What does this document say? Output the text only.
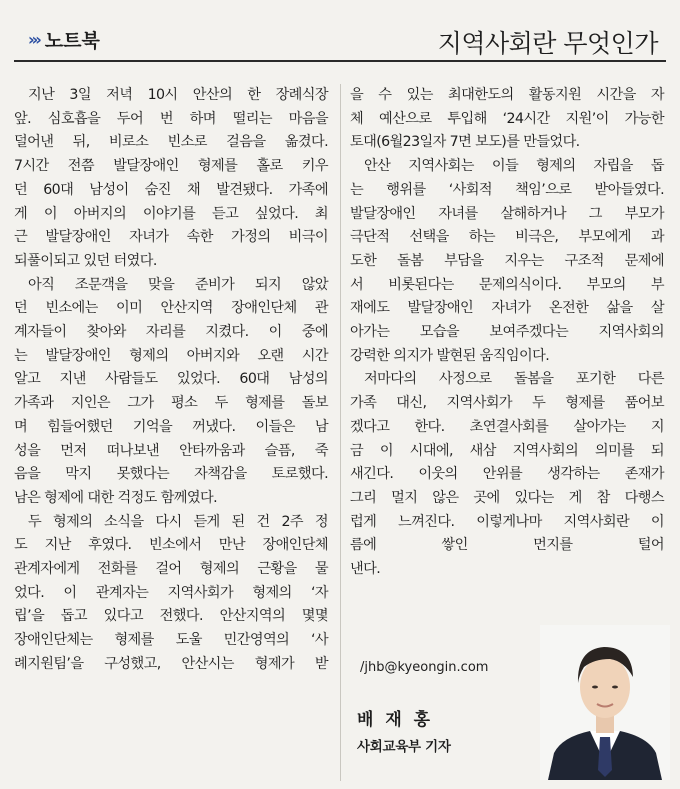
››› 노트북	지역사회란 무엇인가
지난 3일 저녁 10시 안산의 한 장례식장
앞. 심호흡을 두어 번 하며 떨리는 마음을
덜어낸 뒤, 비로소 빈소로 걸음을 옮겼다.
7시간 전쯤 발달장애인 형제를 홀로 키우
던 60대 남성이 숨진 채 발견됐다. 가족에
게 이 아버지의 이야기를 듣고 싶었다. 최
근 발달장애인 자녀가 속한 가정의 비극이
되풀이되고 있던 터였다.
아직 조문객을 맞을 준비가 되지 않았
던 빈소에는 이미 안산지역 장애인단체 관
계자들이 찾아와 자리를 지켰다. 이 중에
는 발달장애인 형제의 아버지와 오랜 시간
알고 지낸 사람들도 있었다. 60대 남성의
가족과 지인은 그가 평소 두 형제를 돌보
며 힘들어했던 기억을 꺼냈다. 이들은 남
성을 먼저 떠나보낸 안타까움과 슬픔, 죽
음을 막지 못했다는 자책감을 토로했다.
남은 형제에 대한 걱정도 함께였다.
두 형제의 소식을 다시 듣게 된 건 2주 정
도 지난 후였다. 빈소에서 만난 장애인단체
관계자에게 전화를 걸어 형제의 근황을 물
었다. 이 관계자는 지역사회가 형제의 ‘자
립’을 돕고 있다고 전했다. 안산지역의 몇몇
장애인단체는 형제를 도울 민간영역의 ‘사
례지원팀’을 구성했고, 안산시는 형제가 받
을 수 있는 최대한도의 활동지원 시간을 자
체 예산으로 투입해 ‘24시간 지원’이 가능한
토대(6월23일자 7면 보도)를 만들었다.
안산 지역사회는 이들 형제의 자립을 돕
는 행위를 ‘사회적 책임’으로 받아들였다.
발달장애인 자녀를 살해하거나 그 부모가
극단적 선택을 하는 비극은, 부모에게 과
도한 돌봄 부담을 지우는 구조적 문제에
서 비롯된다는 문제의식이다. 부모의 부
재에도 발달장애인 자녀가 온전한 삶을 살
아가는 모습을 보여주겠다는 지역사회의
강력한 의지가 발현된 움직임이다.
저마다의 사정으로 돌봄을 포기한 다른
가족 대신, 지역사회가 두 형제를 품어보
겠다고 한다. 초연결사회를 살아가는 지
금 이 시대에, 새삼 지역사회의 의미를 되
새긴다. 이웃의 안위를 생각하는 존재가
그리 멀지 않은 곳에 있다는 게 참 다행스
럽게 느껴진다. 이렇게나마 지역사회란 이
름에 쌓인 먼지를 털어
낸다.
/jhb@kyeongin.com
배 재 홍
사회교육부 기자
